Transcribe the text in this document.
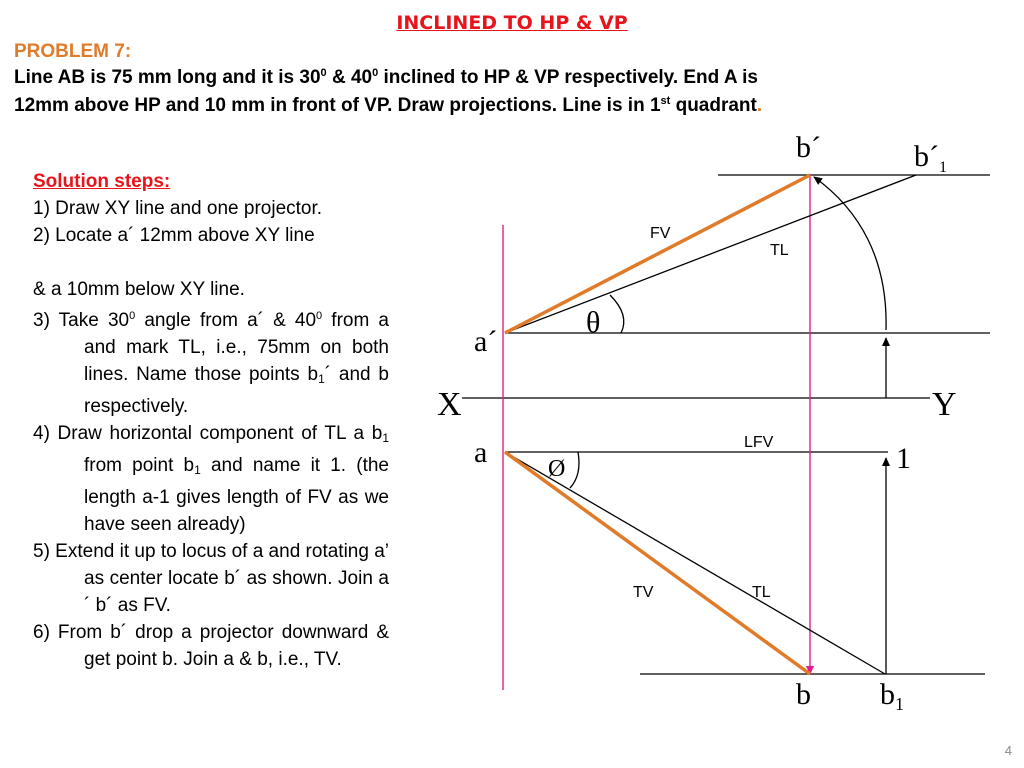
INCLINED TO HP & VP
PROBLEM 7:
Line AB is 75 mm long and it is $30^0$ & $40^0$ inclined to HP & VP respectively. End A is
12mm above HP and 10 mm in front of VP. Draw projections. Line is in 1st quadrant.
Solution steps:
1) Draw XY line and one projector.
2) Locate a´ 12mm above XY line
& a 10mm below XY line.
3) Take $30^0$ angle from a´ & $40^0$ from a and mark TL, i.e., 75mm on both lines. Name those points b1´ and b respectively.
4) Draw horizontal component of TL a b1 from point b1 and name it 1. (the length a-1 gives length of FV as we have seen already)
5) Extend it up to locus of a and rotating a’ as center locate b´ as shown. Join a´ b´ as FV.
6) From b´ drop a projector downward & get point b. Join a & b, i.e., TV.
b´	$b´_1$
a´
X	Y
a	1
b $b_1$
θ
Ø
FV
TL
LFV
TV	TL
4
